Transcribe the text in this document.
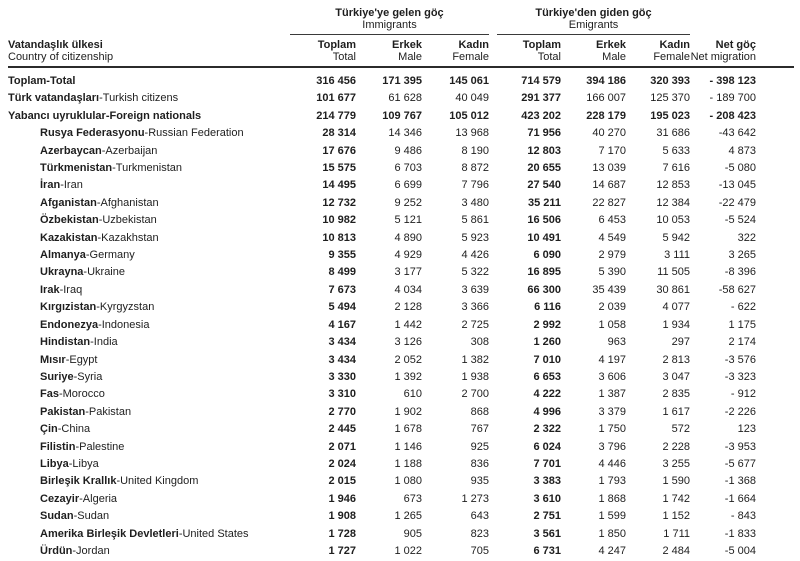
Türkiye'ye gelen göç
Immigrants

Türkiye'den giden göç
Emigrants

Vatandaşlık ülkesi
Country of citizenship

Toplam
Total

Erkek
Male

Kadın
Female

Toplam
Total

Erkek
Male

Kadın
Female

Net göç
Net migration

Toplam-Total	316 456	171 395	145 061		714 579	394 186	320 393	- 398 123	
Türk vatandaşları-Turkish citizens	101 677	61 628	40 049		291 377	166 007	125 370	- 189 700	
Yabancı uyruklular-Foreign nationals	214 779	109 767	105 012		423 202	228 179	195 023	- 208 423	
Rusya Federasyonu-Russian Federation	28 314	14 346	13 968		71 956	40 270	31 686	-43 642	
Azerbaycan-Azerbaijan	17 676	9 486	8 190		12 803	7 170	5 633	4 873	
Türkmenistan-Turkmenistan	15 575	6 703	8 872		20 655	13 039	7 616	-5 080	
İran-Iran	14 495	6 699	7 796		27 540	14 687	12 853	-13 045	
Afganistan-Afghanistan	12 732	9 252	3 480		35 211	22 827	12 384	-22 479	
Özbekistan-Uzbekistan	10 982	5 121	5 861		16 506	6 453	10 053	-5 524	
Kazakistan-Kazakhstan	10 813	4 890	5 923		10 491	4 549	5 942	322	
Almanya-Germany	9 355	4 929	4 426		6 090	2 979	3 111	3 265	
Ukrayna-Ukraine	8 499	3 177	5 322		16 895	5 390	11 505	-8 396	
Irak-Iraq	7 673	4 034	3 639		66 300	35 439	30 861	-58 627	
Kırgızistan-Kyrgyzstan	5 494	2 128	3 366		6 116	2 039	4 077	- 622	
Endonezya-Indonesia	4 167	1 442	2 725		2 992	1 058	1 934	1 175	
Hindistan-India	3 434	3 126	308		1 260	963	297	2 174	
Mısır-Egypt	3 434	2 052	1 382		7 010	4 197	2 813	-3 576	
Suriye-Syria	3 330	1 392	1 938		6 653	3 606	3 047	-3 323	
Fas-Morocco	3 310	610	2 700		4 222	1 387	2 835	- 912	
Pakistan-Pakistan	2 770	1 902	868		4 996	3 379	1 617	-2 226	
Çin-China	2 445	1 678	767		2 322	1 750	572	123	
Filistin-Palestine	2 071	1 146	925		6 024	3 796	2 228	-3 953	
Libya-Libya	2 024	1 188	836		7 701	4 446	3 255	-5 677	
Birleşik Krallık-United Kingdom	2 015	1 080	935		3 383	1 793	1 590	-1 368	
Cezayir-Algeria	1 946	673	1 273		3 610	1 868	1 742	-1 664	
Sudan-Sudan	1 908	1 265	643		2 751	1 599	1 152	- 843	
Amerika Birleşik Devletleri-United States	1 728	905	823		3 561	1 850	1 711	-1 833	
Ürdün-Jordan	1 727	1 022	705		6 731	4 247	2 484	-5 004	
